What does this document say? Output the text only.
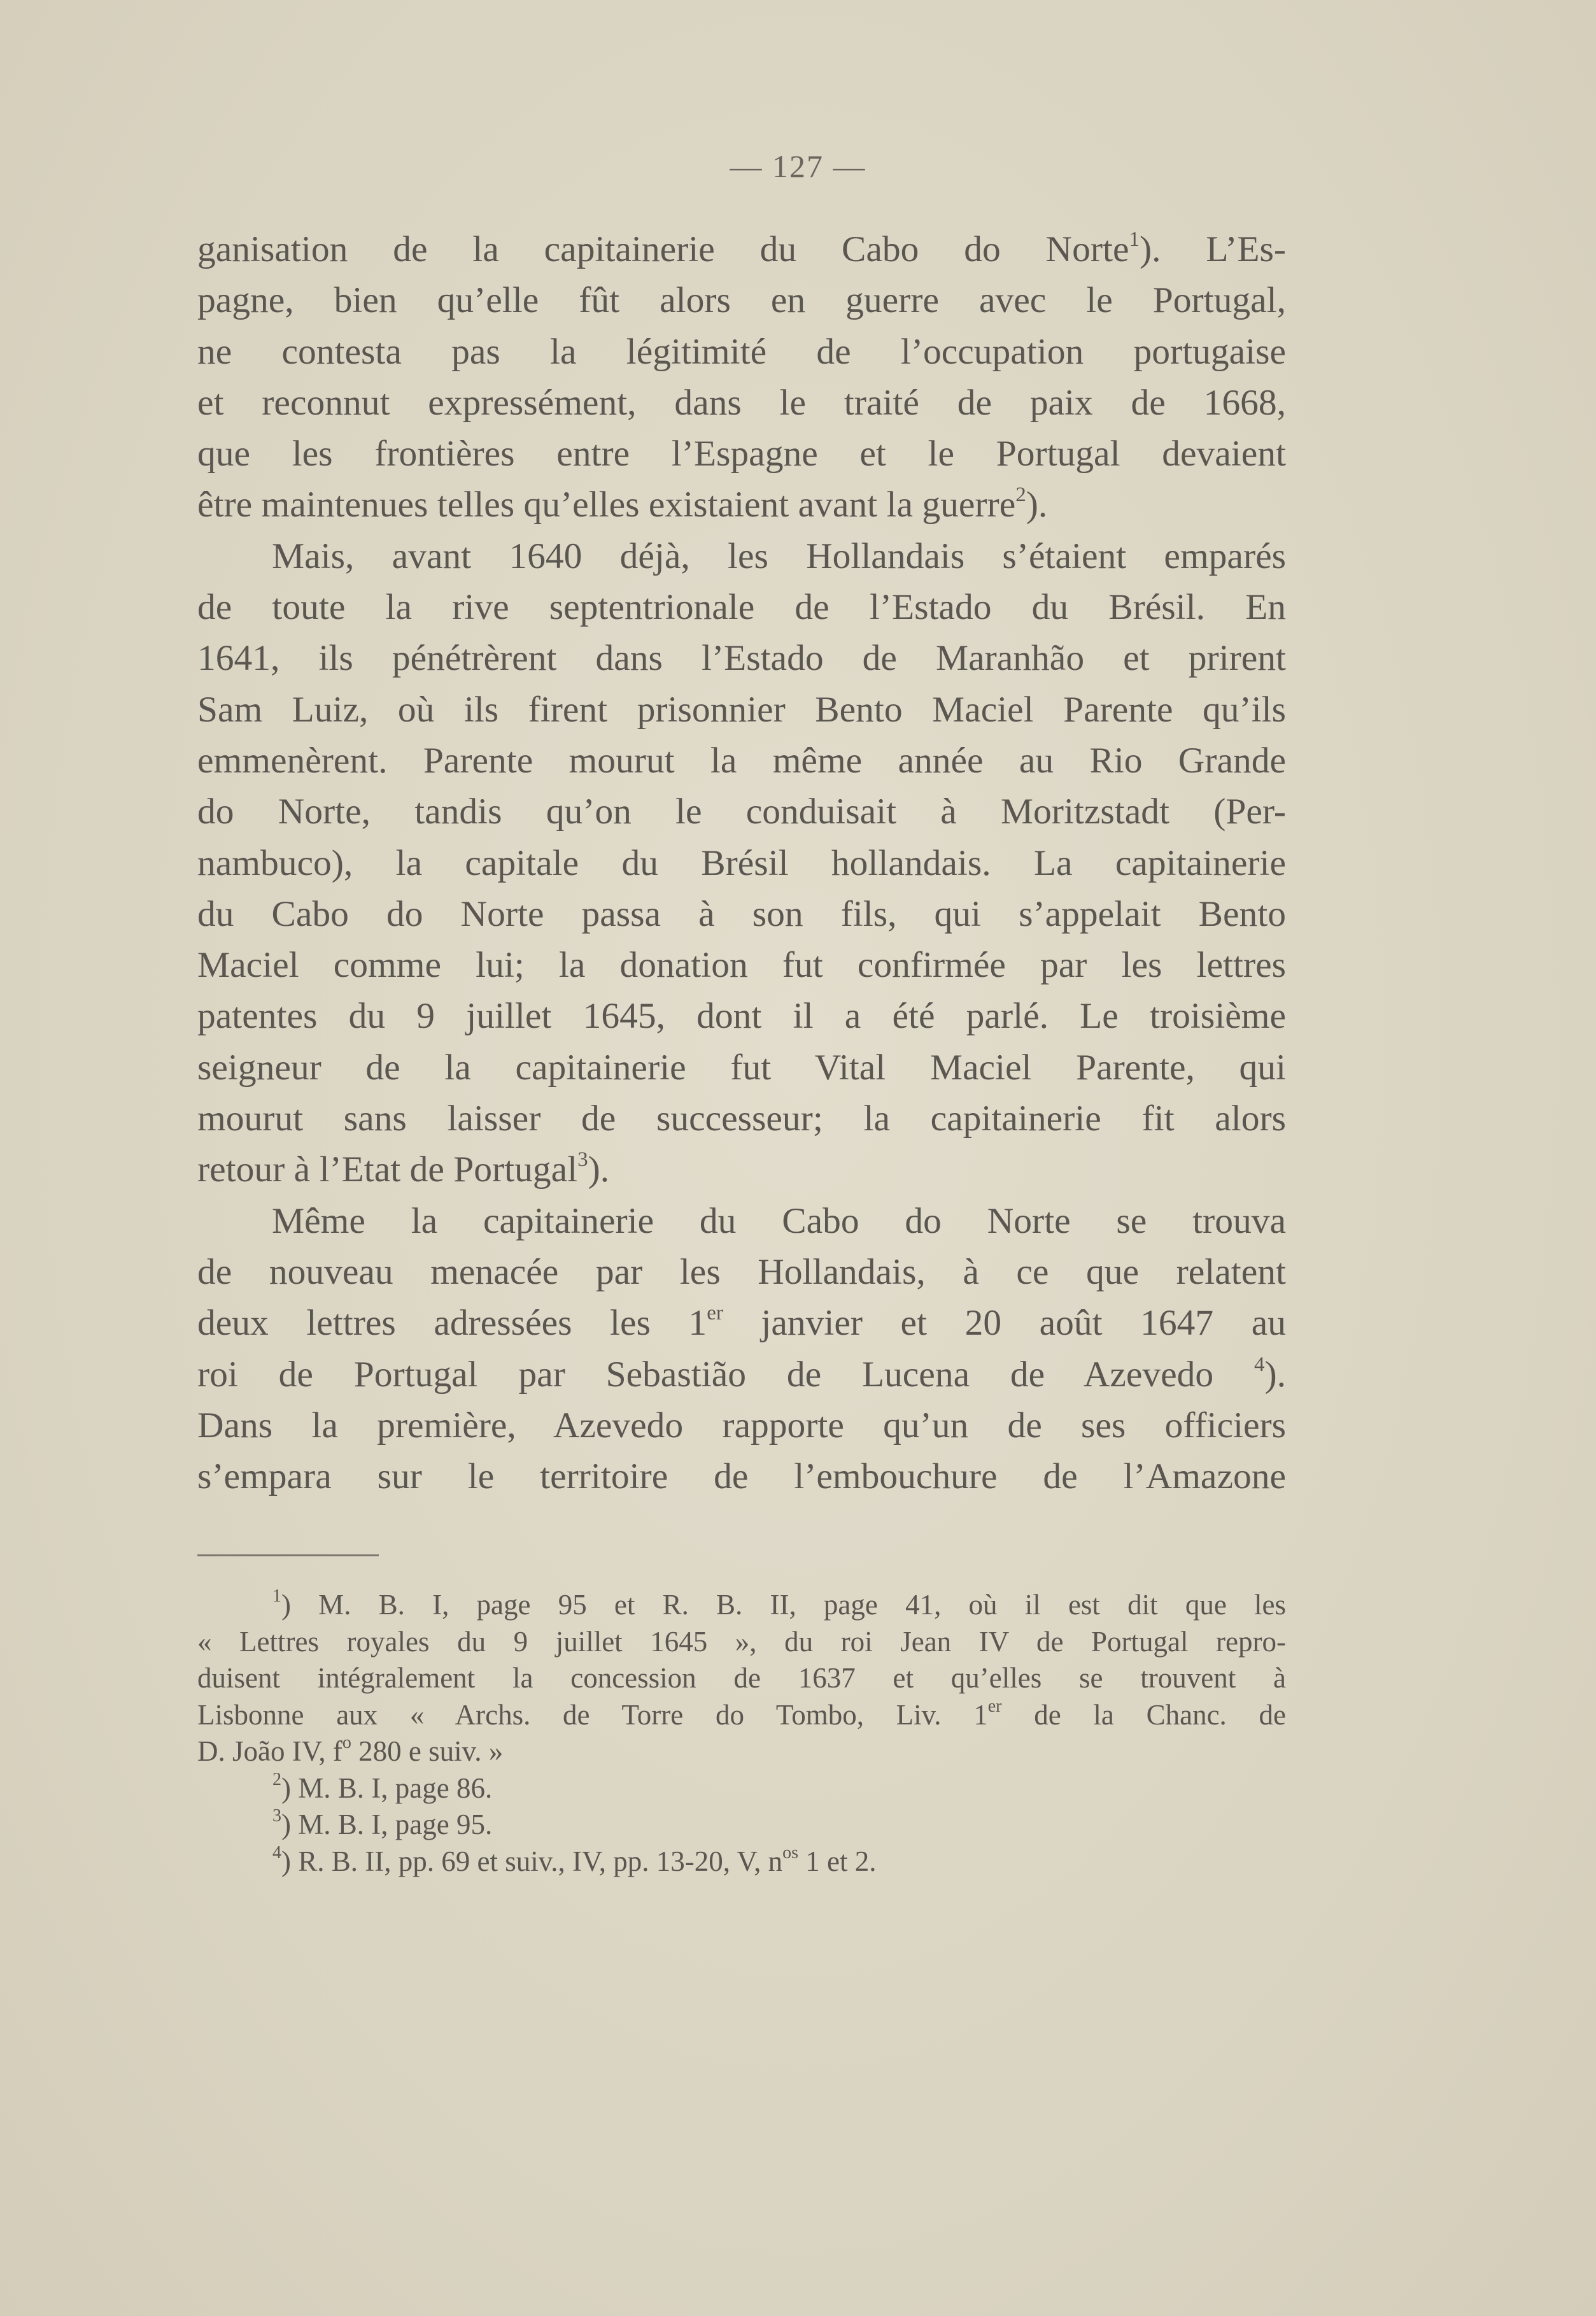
— 127 —
ganisation de la capitainerie du Cabo do Norte$^1$). L’Es-
pagne, bien qu’elle fût alors en guerre avec le Portugal,
ne contesta pas la légitimité de l’occupation portugaise
et reconnut expressément, dans le traité de paix de 1668,
que les frontières entre l’Espagne et le Portugal devaient
être maintenues telles qu’elles existaient avant la guerre$^2$).
Mais, avant 1640 déjà, les Hollandais s’étaient emparés
de toute la rive septentrionale de l’Estado du Brésil. En
1641, ils pénétrèrent dans l’Estado de Maranhão et prirent
Sam Luiz, où ils firent prisonnier Bento Maciel Parente qu’ils
emmenèrent. Parente mourut la même année au Rio Grande
do Norte, tandis qu’on le conduisait à Moritzstadt (Per-
nambuco), la capitale du Brésil hollandais. La capitainerie
du Cabo do Norte passa à son fils, qui s’appelait Bento
Maciel comme lui; la donation fut confirmée par les lettres
patentes du 9 juillet 1645, dont il a été parlé. Le troisième
seigneur de la capitainerie fut Vital Maciel Parente, qui
mourut sans laisser de successeur; la capitainerie fit alors
retour à l’Etat de Portugal$^3$).
Même la capitainerie du Cabo do Norte se trouva
de nouveau menacée par les Hollandais, à ce que relatent
deux lettres adressées les 1er janvier et 20 août 1647 au
roi de Portugal par Sebastião de Lucena de Azevedo $^4$).
Dans la première, Azevedo rapporte qu’un de ses officiers
s’empara sur le territoire de l’embouchure de l’Amazone
$^1$) M. B. I, page 95 et R. B. II, page 41, où il est dit que les
« Lettres royales du 9 juillet 1645 », du roi Jean IV de Portugal repro-
duisent intégralement la concession de 1637 et qu’elles se trouvent à
Lisbonne aux « Archs. de Torre do Tombo, Liv. 1er de la Chanc. de
D. João IV, $f^o$ 280 e suiv. »
$^2$) M. B. I, page 86.
$^3$) M. B. I, page 95.
$^4$) R. B. II, pp. 69 et suiv., IV, pp. 13-20, V, $n^{os}$ 1 et 2.
